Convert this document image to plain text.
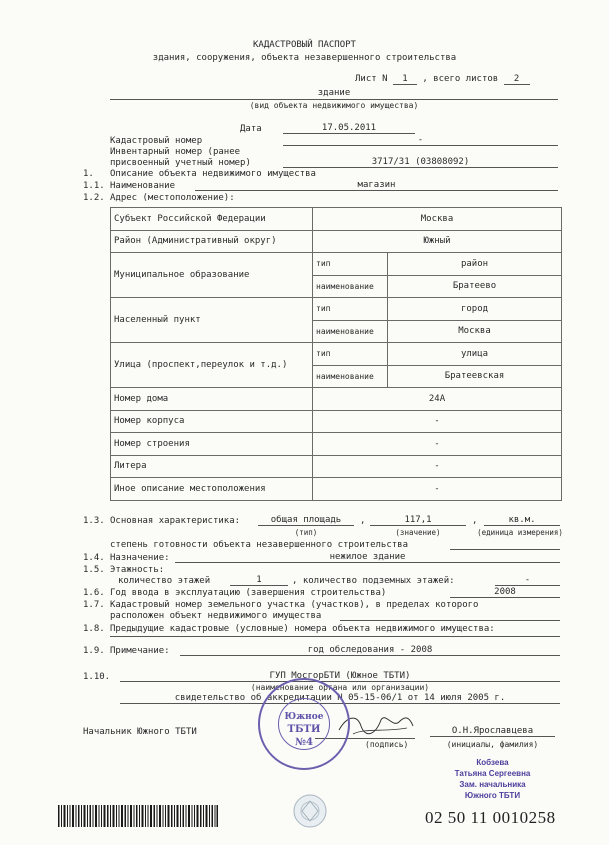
КАДАСТРОВЫЙ ПАСПОРТ
здания, сооружения, объекта незавершенного строительства
Лист N 1 , всего листов 2
здание
(вид объекта недвижимого имущества)
Дата	17.05.2011
Кадастровый номер	-
Инвентарный номер (ранее
присвоенный учетный номер)	3717/31 (03808092)
1.	Описание объекта недвижимого имущества
1.1. Наименование	магазин
1.2. Адрес (местоположение):
Субъект Российской Федерации	Москва	
Район (Административный округ)	Южный	
Муниципальное образование	тип	район
	наименование	Братеево
Населенный пункт	тип	город
	наименование	Москва
Улица (проспект,переулок и т.д.)	тип	улица
	наименование	Братеевская
Номер дома	24А	
Номер корпуса	-	
Номер строения	-	
Литера	-	
Иное описание местоположения	-	
1.3. Основная характеристика:	общая площадь	,	117,1	,	кв.м.
(тип)	(значение)	(единица измерения)
степень готовности объекта незавершенного строительства
1.4. Назначение:	нежилое здание
1.5. Этажность:
количество этажей	1	, количество подземных этажей:	-
1.6. Год ввода в эксплуатацию (завершения строительства)	2008
1.7. Кадастровый номер земельного участка (участков), в пределах которого
расположен объект недвижимого имущества
1.8. Предыдущие кадастровые (условные) номера объекта недвижимого имущества:
1.9. Примечание:	год обследования - 2008
1.10.	ГУП МосгорБТИ (Южное ТБТИ)
(наименование органа или организации)
свидетельство об аккредитации N 05-15-06/1 от 14 июля 2005 г.
Начальник Южного ТБТИ
(подпись)
О.Н.Ярославцева
(инициалы, фамилия)
Южное
ТБТИ
№4
Кобзева
Татьяна Сергеевна
Зам. начальника
Южного ТБТИ
02 50 11 0010258
